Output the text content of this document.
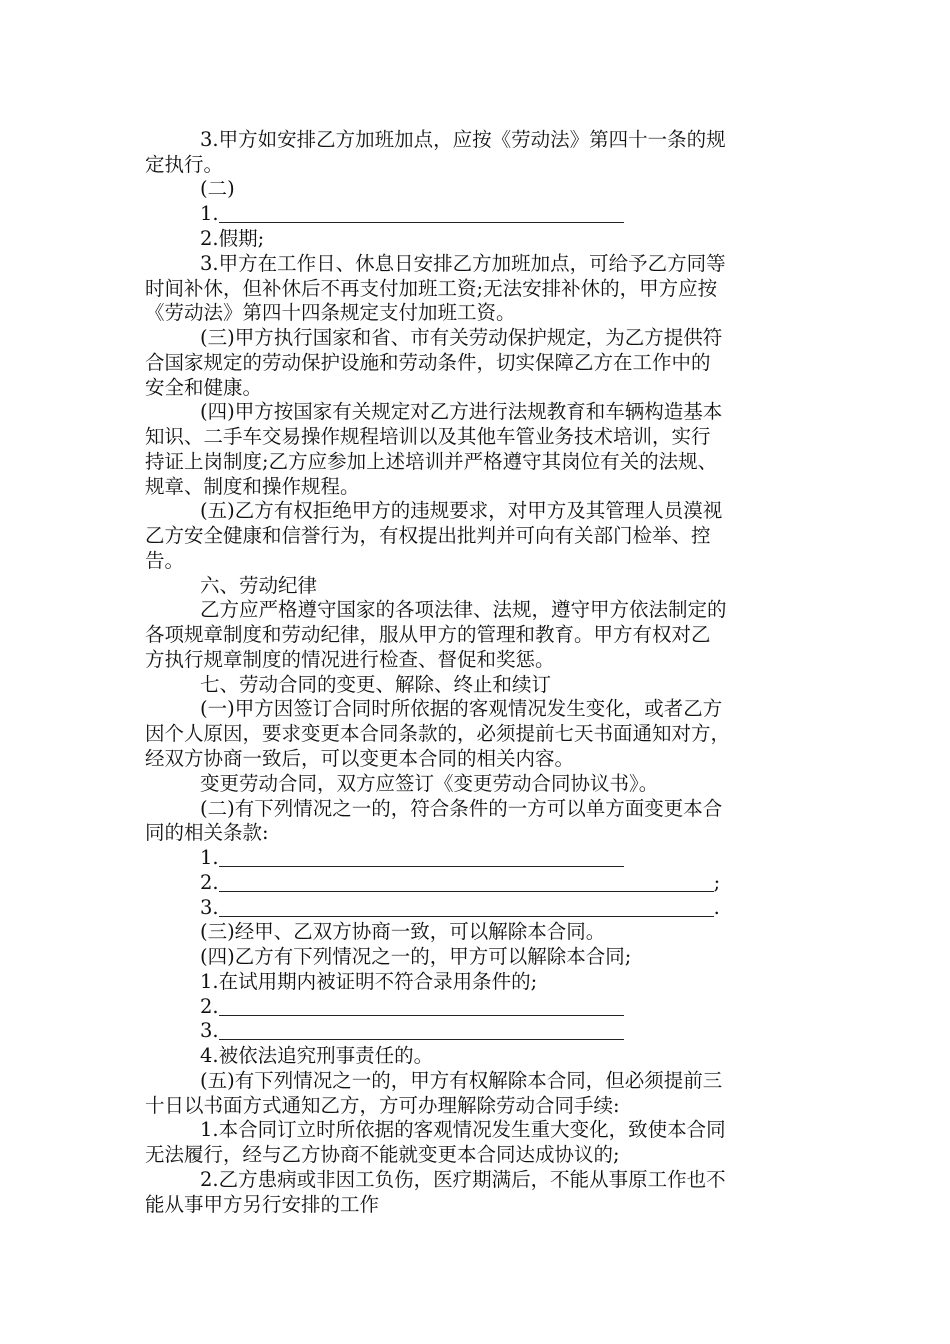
3.甲方如安排乙方加班加点，应按《劳动法》第四十一条的规
定执行。
(二)
1.
2.假期;
3.甲方在工作日、休息日安排乙方加班加点，可给予乙方同等
时间补休，但补休后不再支付加班工资;无法安排补休的，甲方应按
《劳动法》第四十四条规定支付加班工资。
(三)甲方执行国家和省、市有关劳动保护规定，为乙方提供符
合国家规定的劳动保护设施和劳动条件，切实保障乙方在工作中的
安全和健康。
(四)甲方按国家有关规定对乙方进行法规教育和车辆构造基本
知识、二手车交易操作规程培训以及其他车管业务技术培训，实行
持证上岗制度;乙方应参加上述培训并严格遵守其岗位有关的法规、
规章、制度和操作规程。
(五)乙方有权拒绝甲方的违规要求，对甲方及其管理人员漠视
乙方安全健康和信誉行为，有权提出批判并可向有关部门检举、控
告。
六、劳动纪律
乙方应严格遵守国家的各项法律、法规，遵守甲方依法制定的
各项规章制度和劳动纪律，服从甲方的管理和教育。甲方有权对乙
方执行规章制度的情况进行检查、督促和奖惩。
七、劳动合同的变更、解除、终止和续订
(一)甲方因签订合同时所依据的客观情况发生变化，或者乙方
因个人原因，要求变更本合同条款的，必须提前七天书面通知对方，
经双方协商一致后，可以变更本合同的相关内容。
变更劳动合同，双方应签订《变更劳动合同协议书》。
(二)有下列情况之一的，符合条件的一方可以单方面变更本合
同的相关条款:
1.
2.	;
3.	.
(三)经甲、乙双方协商一致，可以解除本合同。
(四)乙方有下列情况之一的，甲方可以解除本合同;
1.在试用期内被证明不符合录用条件的;
2.
3.
4.被依法追究刑事责任的。
(五)有下列情况之一的，甲方有权解除本合同，但必须提前三
十日以书面方式通知乙方，方可办理解除劳动合同手续:
1.本合同订立时所依据的客观情况发生重大变化，致使本合同
无法履行，经与乙方协商不能就变更本合同达成协议的;
2.乙方患病或非因工负伤，医疗期满后，不能从事原工作也不
能从事甲方另行安排的工作
